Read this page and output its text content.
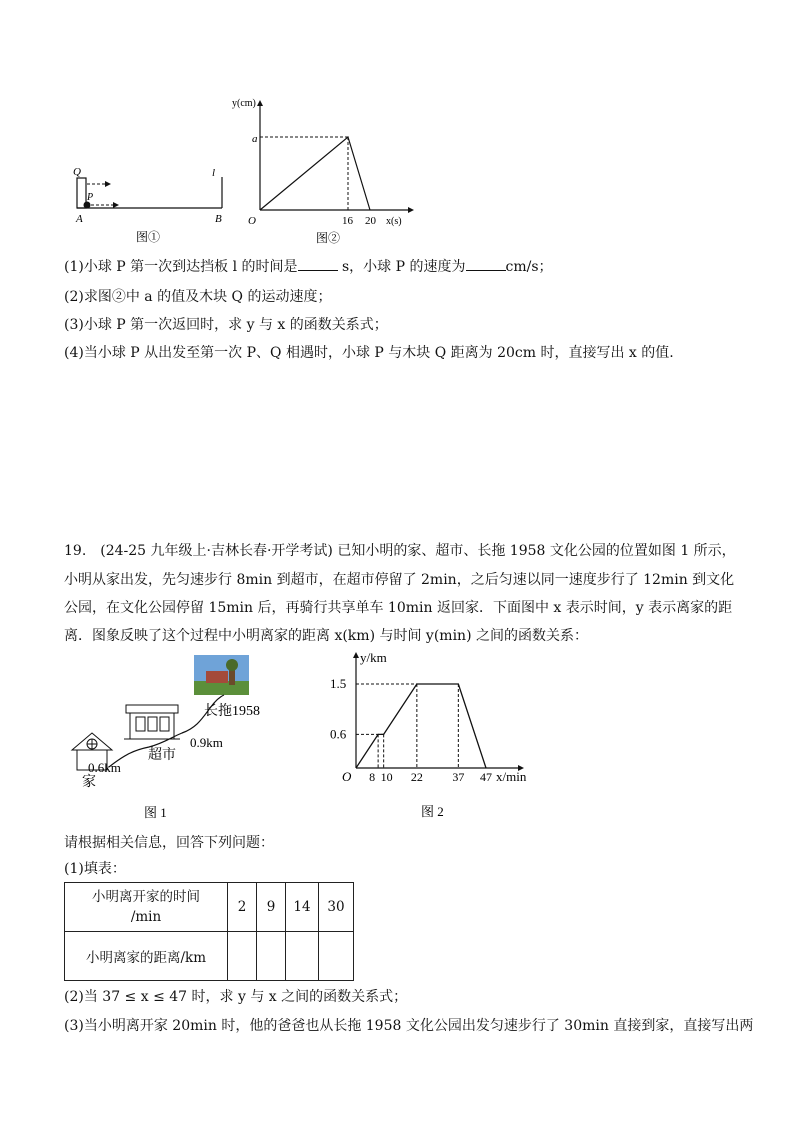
Q
P
A	B
l
图①
y(cm)
a
O	16 20 x(s)
图②
(1)小球 P 第一次到达挡板 l 的时间是	s，小球 P 的速度为	cm/s；
(2)求图②中 a 的值及木块 Q 的运动速度；
(3)小球 P 第一次返回时，求 y 与 x 的函数关系式；
(4)当小球 P 从出发至第一次 P、Q 相遇时，小球 P 与木块 Q 距离为 20cm 时，直接写出 x 的值.
19.　(24-25 九年级上·吉林长春·开学考试) 已知小明的家、超市、长拖 1958 文化公园的位置如图 1 所示，
小明从家出发，先匀速步行 8min 到超市，在超市停留了 2min，之后匀速以同一速度步行了 12min 到文化
公园，在文化公园停留 15min 后，再骑行共享单车 10min 返回家．下面图中 x 表示时间，y 表示离家的距
离．图象反映了这个过程中小明离家的距离 x(km) 与时间 y(min) 之间的函数关系：
长拖1958
超市
0.9km
0.6km
家
图 1
8 10 22 37 47
0.6
1.5
y/km
x/min
O
图 2
请根据相关信息，回答下列问题：
(1)填表：
小明离开家的时间
/min	2	9	14	30
小明离家的距离/km				
(2)当 37 ≤ x ≤ 47 时，求 y 与 x 之间的函数关系式；
(3)当小明离开家 20min 时，他的爸爸也从长拖 1958 文化公园出发匀速步行了 30min 直接到家，直接写出两
